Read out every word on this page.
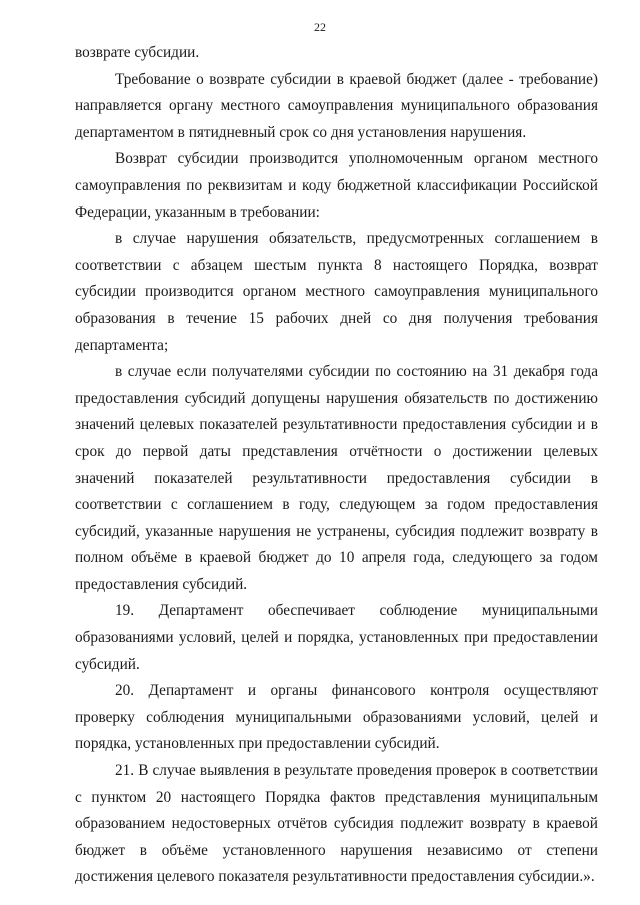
22

возврате субсидии.

Требование о возврате субсидии в краевой бюджет (далее - требование) направляется органу местного самоуправления муниципального образования департаментом в пятидневный срок со дня установления нарушения.

Возврат субсидии производится уполномоченным органом местного самоуправления по реквизитам и коду бюджетной классификации Российской Федерации, указанным в требовании:

в случае нарушения обязательств, предусмотренных соглашением в соответствии с абзацем шестым пункта 8 настоящего Порядка, возврат субсидии производится органом местного самоуправления муниципального образования в течение 15 рабочих дней со дня получения требования департамента;

в случае если получателями субсидии по состоянию на 31 декабря года предоставления субсидий допущены нарушения обязательств по достижению значений целевых показателей результативности предоставления субсидии и в срок до первой даты представления отчётности о достижении целевых значений показателей результативности предоставления субсидии в соответствии с соглашением в году, следующем за годом предоставления субсидий, указанные нарушения не устранены, субсидия подлежит возврату в полном объёме в краевой бюджет до 10 апреля года, следующего за годом предоставления субсидий.

19. Департамент обеспечивает соблюдение муниципальными образованиями условий, целей и порядка, установленных при предоставлении субсидий.

20. Департамент и органы финансового контроля осуществляют проверку соблюдения муниципальными образованиями условий, целей и порядка, установленных при предоставлении субсидий.

21. В случае выявления в результате проведения проверок в соответствии с пунктом 20 настоящего Порядка фактов представления муниципальным образованием недостоверных отчётов субсидия подлежит возврату в краевой бюджет в объёме установленного нарушения независимо от степени достижения целевого показателя результативности предоставления субсидии.».
